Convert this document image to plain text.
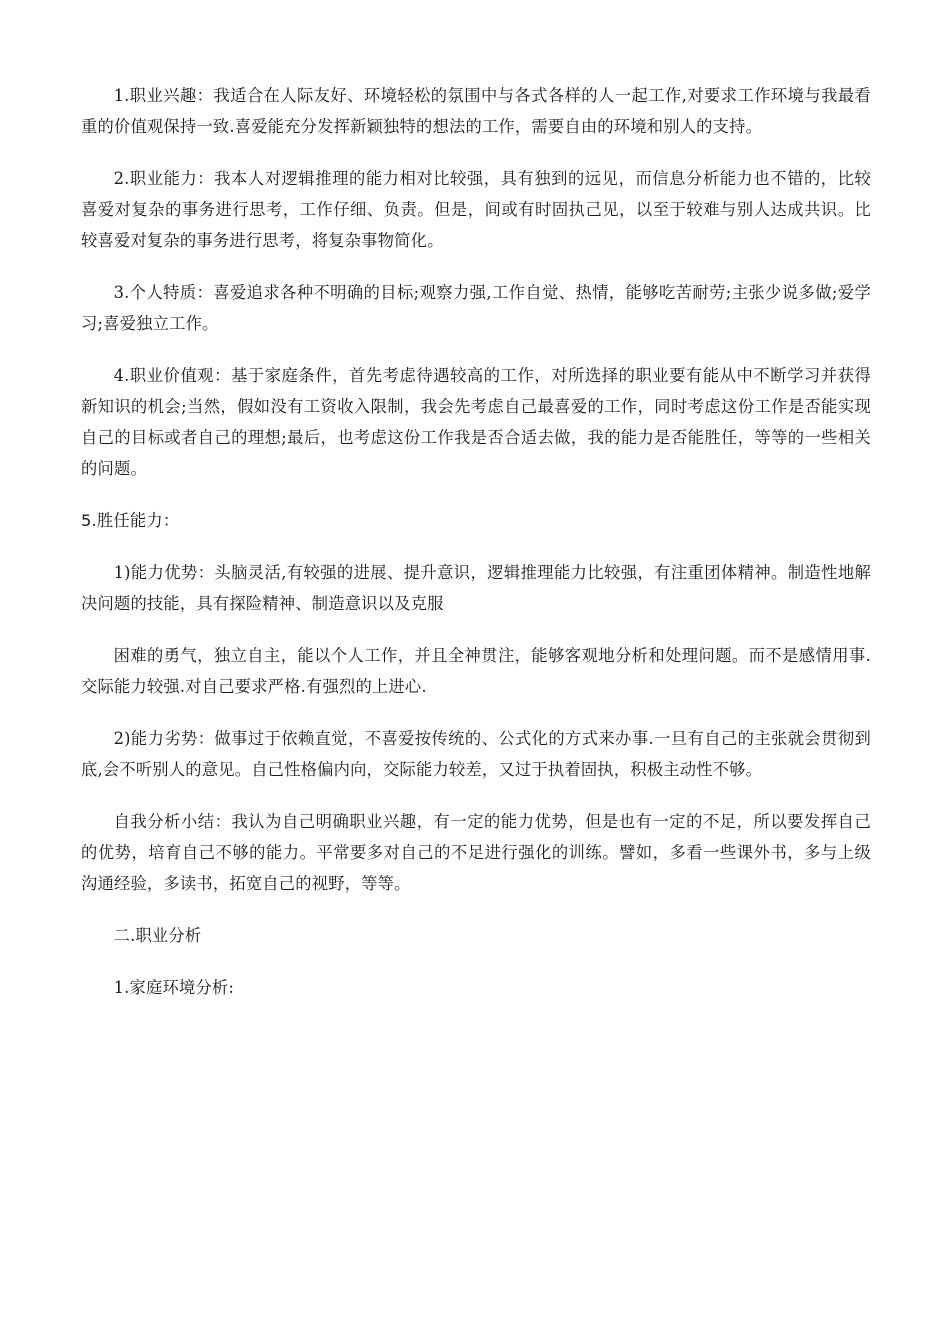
1.职业兴趣：我适合在人际友好、环境轻松的氛围中与各式各样的人一起工作,对要求工作环境与我最看重的价值观保持一致.喜爱能充分发挥新颖独特的想法的工作，需要自由的环境和别人的支持。

2.职业能力：我本人对逻辑推理的能力相对比较强，具有独到的远见，而信息分析能力也不错的，比较喜爱对复杂的事务进行思考，工作仔细、负责。但是，间或有时固执己见，以至于较难与别人达成共识。比较喜爱对复杂的事务进行思考，将复杂事物简化。

3.个人特质：喜爱追求各种不明确的目标;观察力强,工作自觉、热情，能够吃苦耐劳;主张少说多做;爱学习;喜爱独立工作。

4.职业价值观：基于家庭条件，首先考虑待遇较高的工作，对所选择的职业要有能从中不断学习并获得新知识的机会;当然，假如没有工资收入限制，我会先考虑自己最喜爱的工作，同时考虑这份工作是否能实现自己的目标或者自己的理想;最后，也考虑这份工作我是否合适去做，我的能力是否能胜任，等等的一些相关的问题。

5.胜任能力：

1)能力优势：头脑灵活,有较强的进展、提升意识，逻辑推理能力比较强，有注重团体精神。制造性地解决问题的技能，具有探险精神、制造意识以及克服

困难的勇气，独立自主，能以个人工作，并且全神贯注，能够客观地分析和处理问题。而不是感情用事.交际能力较强.对自己要求严格.有强烈的上进心.

2)能力劣势：做事过于依赖直觉，不喜爱按传统的、公式化的方式来办事.一旦有自己的主张就会贯彻到底,会不听别人的意见。自己性格偏内向，交际能力较差，又过于执着固执，积极主动性不够。

自我分析小结：我认为自己明确职业兴趣，有一定的能力优势，但是也有一定的不足，所以要发挥自己的优势，培育自己不够的能力。平常要多对自己的不足进行强化的训练。譬如，多看一些课外书，多与上级沟通经验，多读书，拓宽自己的视野，等等。

二.职业分析

1.家庭环境分析:
